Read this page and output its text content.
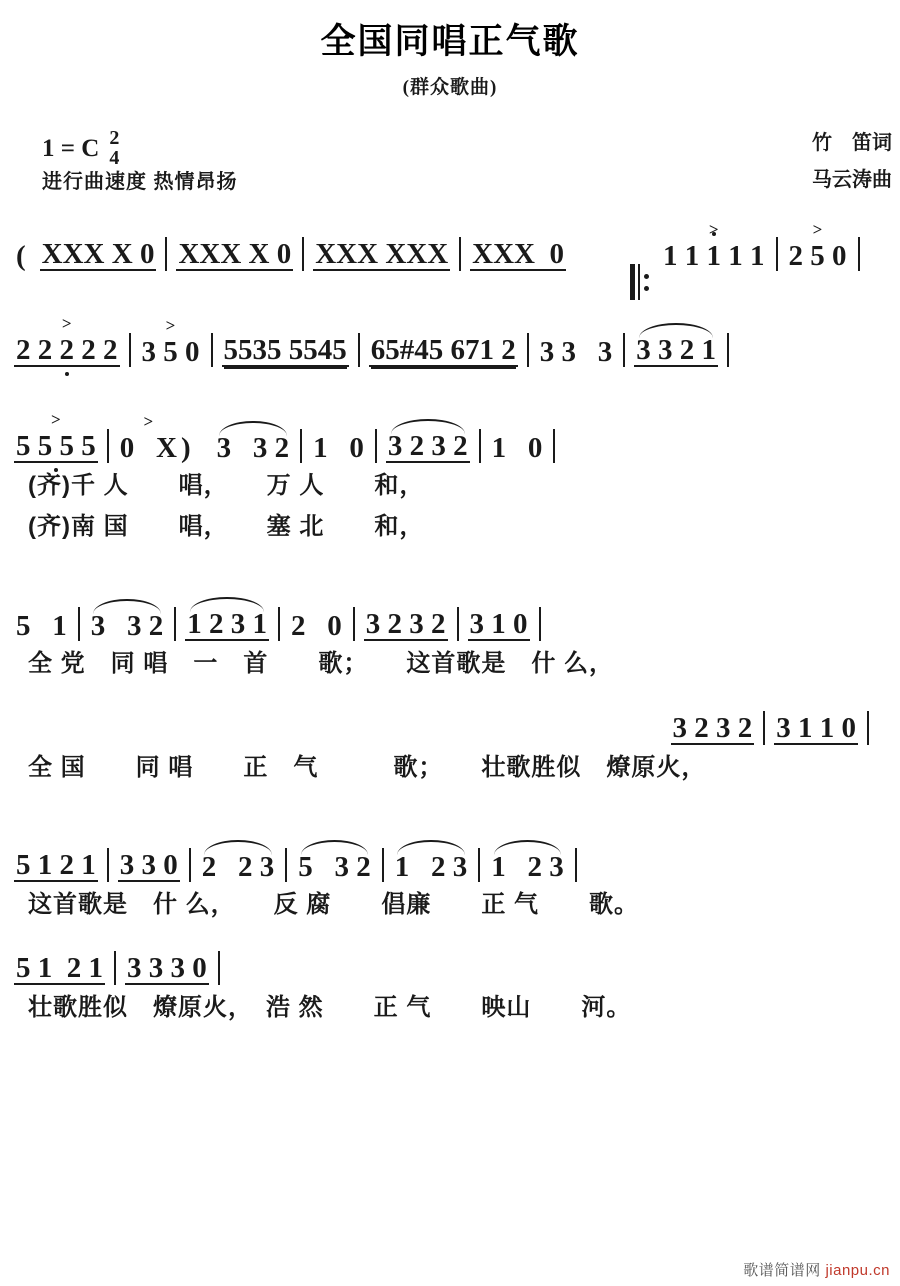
全国同唱正气歌
(群众歌曲)
1 = C 2
4
进行曲速度 热情昂扬
竹　笛词
马云涛曲
( XXX X 0 XXX X 0 XXX XXX XXX  0

	> 1 1 1 1 1 > 2 5 0
> 2 2 2 2 2 > 3 5 0 5535 5545 65#45 671 2 3 3   3 3 3 2 1
> 5 5 5 5 > 0   X ) 3   3 2 1   0 3 2 3 2 1   0
(齐)千 人　　唱，　　万 人　　和，
(齐)南 国　　唱，　　塞 北　　和，
5   1 3   3 2 1 2 3 1 2   0 3 2 3 2 3 1 0
全 党　同 唱　一　首　　歌；　　这首歌是　什 么，
3 2 3 2 3 1 1 0
全 国　　同 唱　　正　气　　　歌；　　壮歌胜似　燎原火，
5 1 2 1 3 3 0 2   2 3 5   3 2 1   2 3 1   2 3
这首歌是　什 么，　　反 腐　　倡廉　　正 气　　歌。
5 1  2 1 3 3 3 0
壮歌胜似　燎原火，　浩 然　　正 气　　映山　　河。
歌谱简谱网 jianpu.cn
